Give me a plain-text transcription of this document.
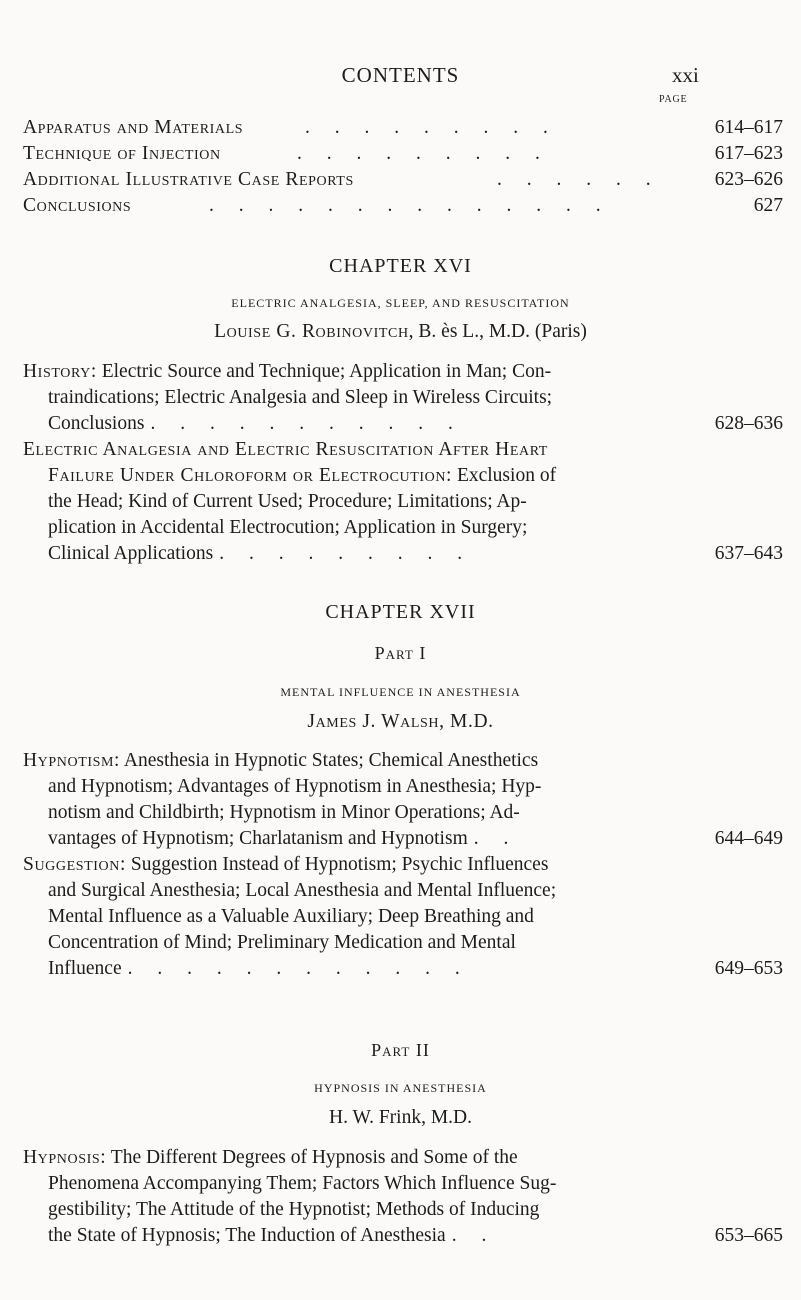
CONTENTS	xxi
PAGE
Apparatus and Materials	. . . . . . . . .	614–617
Technique of Injection	. . . . . . . . .	617–623
Additional Illustrative Case Reports	. . . . . .	623–626
Conclusions	. . . . . . . . . . . . . .	627
CHAPTER XVI
ELECTRIC ANALGESIA, SLEEP, AND RESUSCITATION
Louise G. Robinovitch, B. ès L., M.D. (Paris)
History: Electric Source and Technique; Application in Man; Con-
traindications; Electric Analgesia and Sleep in Wireless Circuits;
Conclusions . . . . . . . . . . .	628–636
Electric Analgesia and Electric Resuscitation After Heart
Failure Under Chloroform or Electrocution: Exclusion of
the Head; Kind of Current Used; Procedure; Limitations; Ap-
plication in Accidental Electrocution; Application in Surgery;
Clinical Applications . . . . . . . . .	637–643
CHAPTER XVII
Part I
MENTAL INFLUENCE IN ANESTHESIA
James J. Walsh, M.D.
Hypnotism: Anesthesia in Hypnotic States; Chemical Anesthetics
and Hypnotism; Advantages of Hypnotism in Anesthesia; Hyp-
notism and Childbirth; Hypnotism in Minor Operations; Ad-
vantages of Hypnotism; Charlatanism and Hypnotism . .	644–649
Suggestion: Suggestion Instead of Hypnotism; Psychic Influences
and Surgical Anesthesia; Local Anesthesia and Mental Influence;
Mental Influence as a Valuable Auxiliary; Deep Breathing and
Concentration of Mind; Preliminary Medication and Mental
Influence . . . . . . . . . . . .	649–653
Part II
HYPNOSIS IN ANESTHESIA
H. W. Frink, M.D.
Hypnosis: The Different Degrees of Hypnosis and Some of the
Phenomena Accompanying Them; Factors Which Influence Sug-
gestibility; The Attitude of the Hypnotist; Methods of Inducing
the State of Hypnosis; The Induction of Anesthesia . .	653–665
